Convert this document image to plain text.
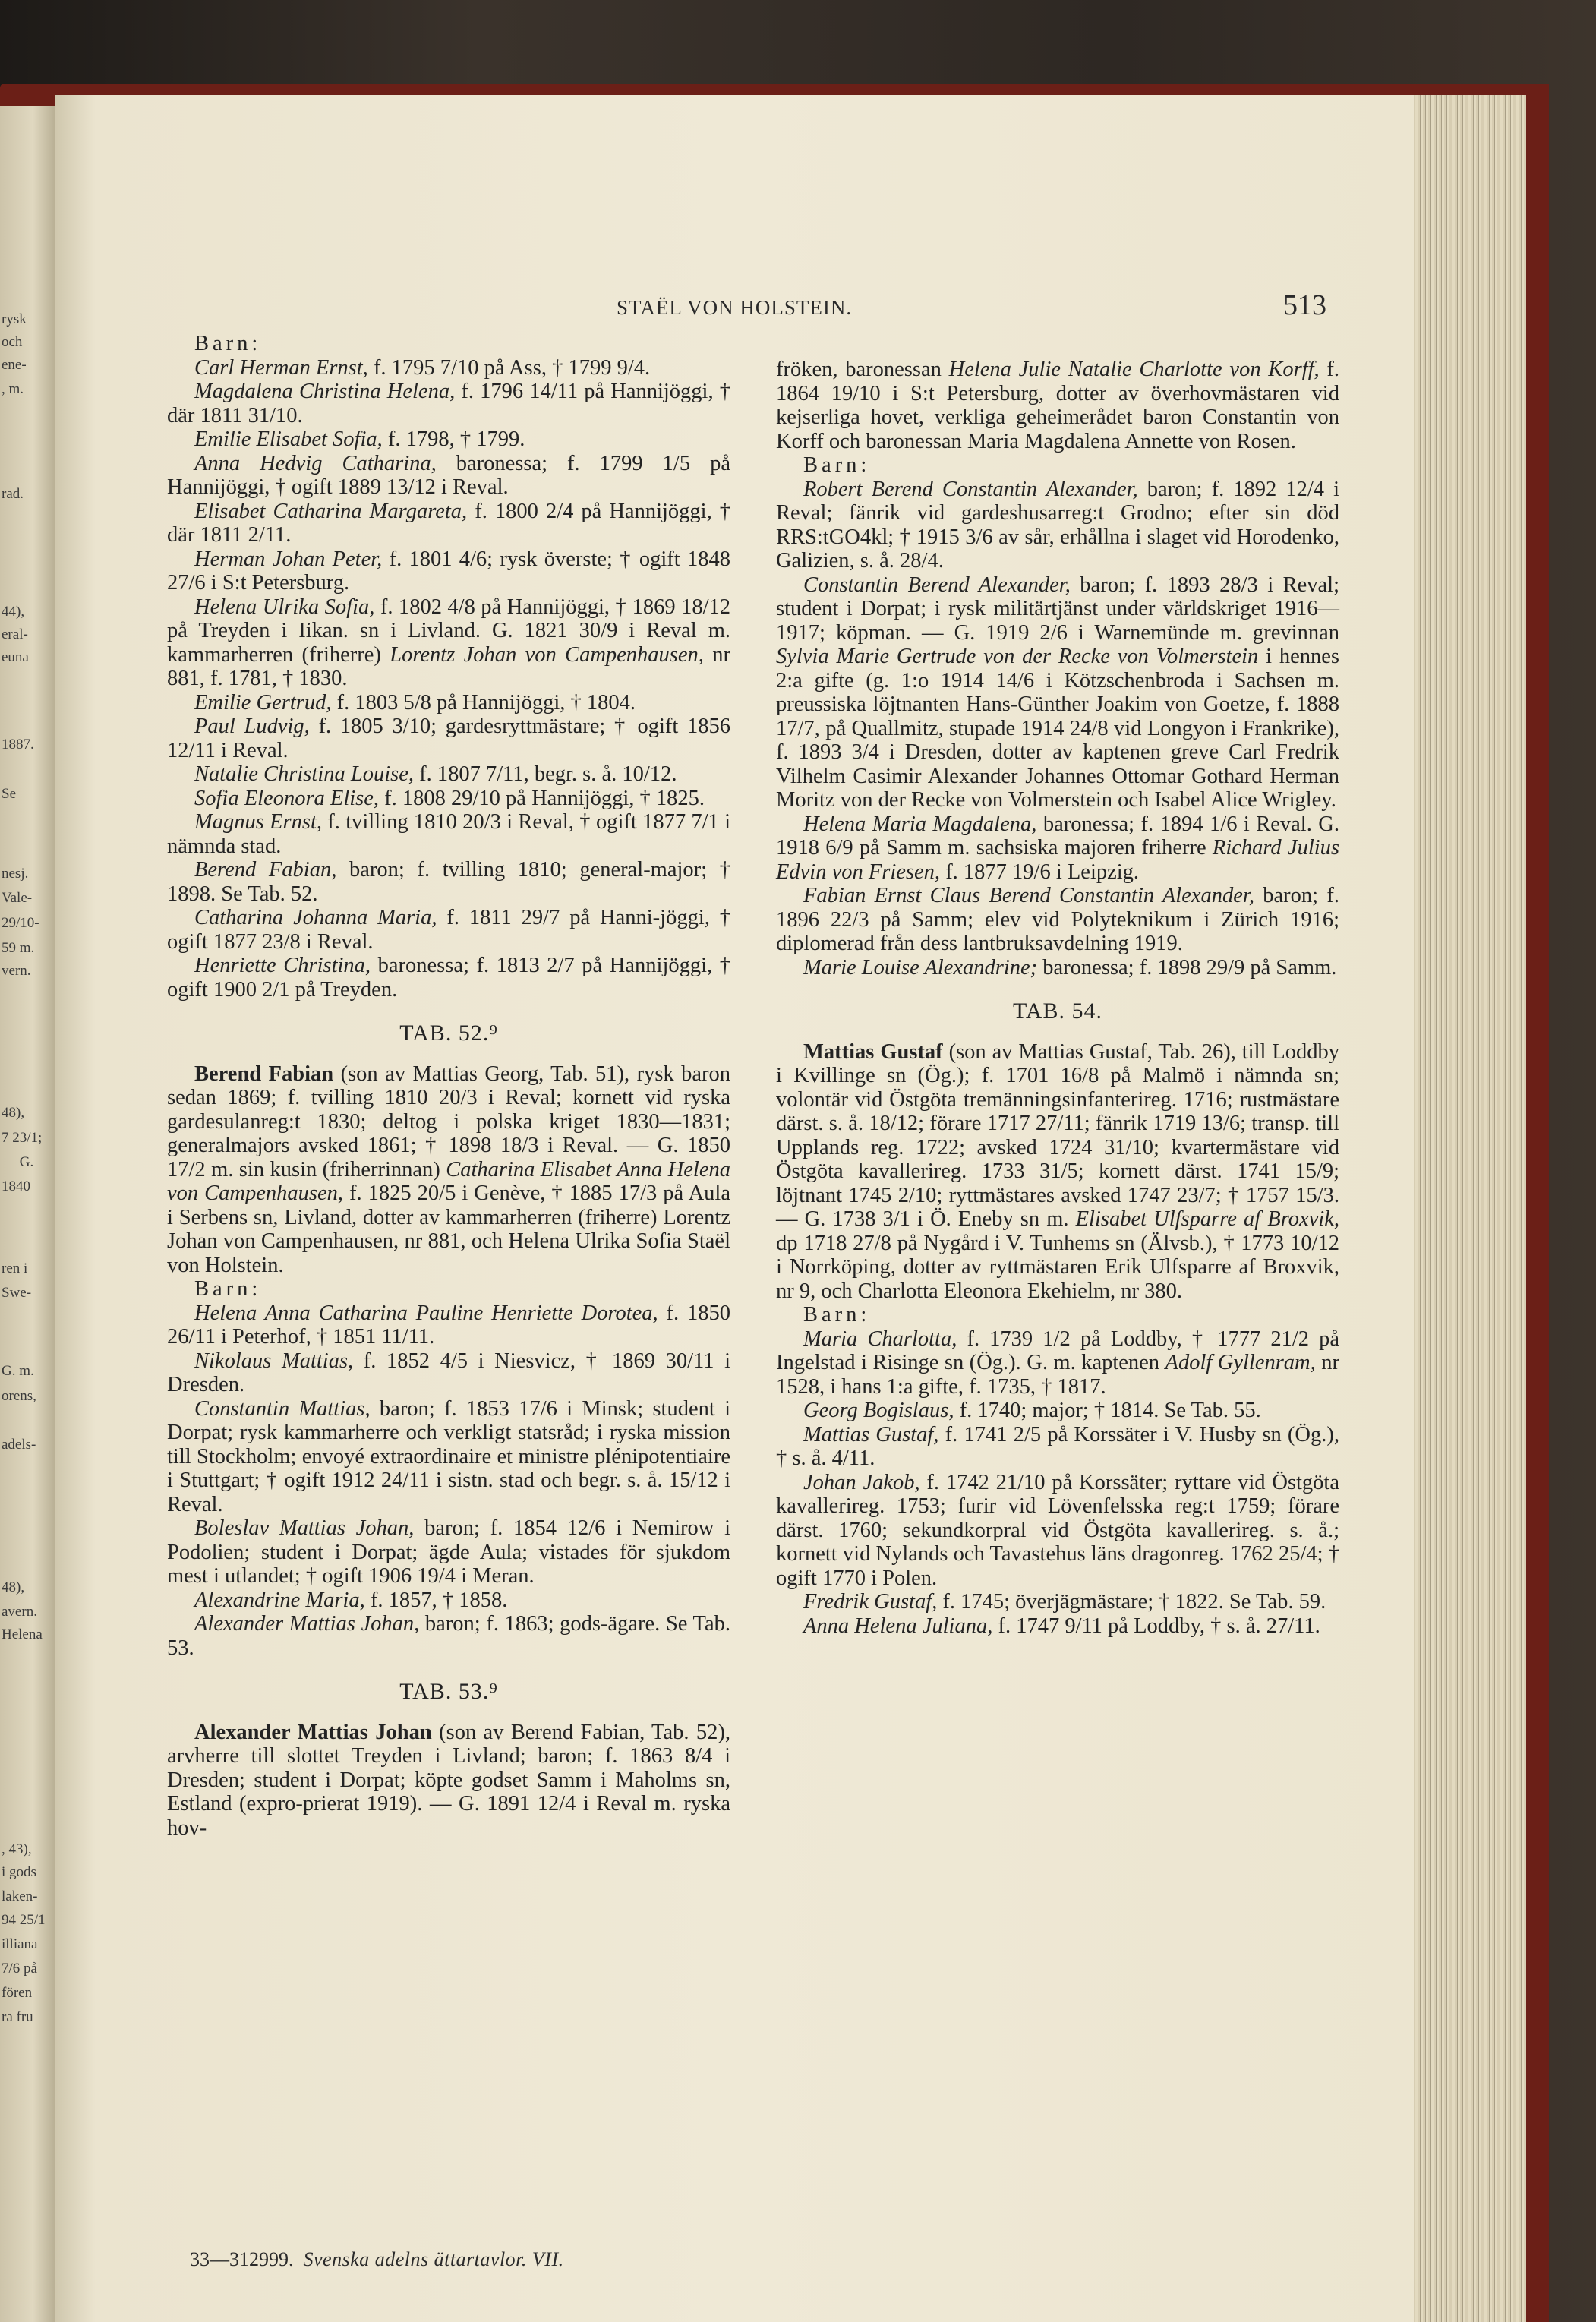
rysk
och
ene-
, m.
rad.
44),
eral-
euna
1887.
Se
nesj.
Vale-
29/10-
59 m.
vern.
48),
7 23/1;
— G.
1840
ren i
Swe-
G. m.
orens,
adels-
48),
avern.
Helena
, 43),
i gods
laken-
94 25/1
illiana
7/6 på
fören
ra fru
STAËL VON HOLSTEIN.	513

Barn:

Carl Herman Ernst, f. 1795 7/10 på Ass, † 1799 9/4.

Magdalena Christina Helena, f. 1796 14/11 på Hannijöggi, † där 1811 31/10.

Emilie Elisabet Sofia, f. 1798, † 1799.

Anna Hedvig Catharina, baronessa; f. 1799 1/5 på Hannijöggi, † ogift 1889 13/12 i Reval.

Elisabet Catharina Margareta, f. 1800 2/4 på Hannijöggi, † där 1811 2/11.

Herman Johan Peter, f. 1801 4/6; rysk överste; † ogift 1848 27/6 i S:t Petersburg.

Helena Ulrika Sofia, f. 1802 4/8 på Hannijöggi, † 1869 18/12 på Treyden i Iikan. sn i Livland. G. 1821 30/9 i Reval m. kammarherren (friherre) Lorentz Johan von Campenhausen, nr 881, f. 1781, † 1830.

Emilie Gertrud, f. 1803 5/8 på Hannijöggi, † 1804.

Paul Ludvig, f. 1805 3/10; gardesryttmästare; † ogift 1856 12/11 i Reval.

Natalie Christina Louise, f. 1807 7/11, begr. s. å. 10/12.

Sofia Eleonora Elise, f. 1808 29/10 på Hannijöggi, † 1825.

Magnus Ernst, f. tvilling 1810 20/3 i Reval, † ogift 1877 7/1 i nämnda stad.

Berend Fabian, baron; f. tvilling 1810; general-major; † 1898. Se Tab. 52.

Catharina Johanna Maria, f. 1811 29/7 på Hanni-jöggi, † ogift 1877 23/8 i Reval.

Henriette Christina, baronessa; f. 1813 2/7 på Hannijöggi, † ogift 1900 2/1 på Treyden.

TAB. 52.⁹

Berend Fabian (son av Mattias Georg, Tab. 51), rysk baron sedan 1869; f. tvilling 1810 20/3 i Reval; kornett vid ryska gardesulanreg:t 1830; deltog i polska kriget 1830—1831; generalmajors avsked 1861; † 1898 18/3 i Reval. — G. 1850 17/2 m. sin kusin (friherrinnan) Catharina Elisabet Anna Helena von Campenhausen, f. 1825 20/5 i Genève, † 1885 17/3 på Aula i Serbens sn, Livland, dotter av kammarherren (friherre) Lorentz Johan von Campenhausen, nr 881, och Helena Ulrika Sofia Staël von Holstein.

Barn:

Helena Anna Catharina Pauline Henriette Dorotea, f. 1850 26/11 i Peterhof, † 1851 11/11.

Nikolaus Mattias, f. 1852 4/5 i Niesvicz, † 1869 30/11 i Dresden.

Constantin Mattias, baron; f. 1853 17/6 i Minsk; student i Dorpat; rysk kammarherre och verkligt statsråd; i ryska mission till Stockholm; envoyé extraordinaire et ministre plénipotentiaire i Stuttgart; † ogift 1912 24/11 i sistn. stad och begr. s. å. 15/12 i Reval.

Boleslav Mattias Johan, baron; f. 1854 12/6 i Nemirow i Podolien; student i Dorpat; ägde Aula; vistades för sjukdom mest i utlandet; † ogift 1906 19/4 i Meran.

Alexandrine Maria, f. 1857, † 1858.

Alexander Mattias Johan, baron; f. 1863; gods-ägare. Se Tab. 53.

TAB. 53.⁹

Alexander Mattias Johan (son av Berend Fabian, Tab. 52), arvherre till slottet Treyden i Livland; baron; f. 1863 8/4 i Dresden; student i Dorpat; köpte godset Samm i Maholms sn, Estland (expro-prierat 1919). — G. 1891 12/4 i Reval m. ryska hov-

fröken, baronessan Helena Julie Natalie Charlotte von Korff, f. 1864 19/10 i S:t Petersburg, dotter av överhovmästaren vid kejserliga hovet, verkliga geheimerådet baron Constantin von Korff och baronessan Maria Magdalena Annette von Rosen.

Barn:

Robert Berend Constantin Alexander, baron; f. 1892 12/4 i Reval; fänrik vid gardeshusarreg:t Grodno; efter sin död RRS:tGO4kl; † 1915 3/6 av sår, erhållna i slaget vid Horodenko, Galizien, s. å. 28/4.

Constantin Berend Alexander, baron; f. 1893 28/3 i Reval; student i Dorpat; i rysk militärtjänst under världskriget 1916—1917; köpman. — G. 1919 2/6 i Warnemünde m. grevinnan Sylvia Marie Gertrude von der Recke von Volmerstein i hennes 2:a gifte (g. 1:o 1914 14/6 i Kötzschenbroda i Sachsen m. preussiska löjtnanten Hans-Günther Joakim von Goetze, f. 1888 17/7, på Quallmitz, stupade 1914 24/8 vid Longyon i Frankrike), f. 1893 3/4 i Dresden, dotter av kaptenen greve Carl Fredrik Vilhelm Casimir Alexander Johannes Ottomar Gothard Herman Moritz von der Recke von Volmerstein och Isabel Alice Wrigley.

Helena Maria Magdalena, baronessa; f. 1894 1/6 i Reval. G. 1918 6/9 på Samm m. sachsiska majoren friherre Richard Julius Edvin von Friesen, f. 1877 19/6 i Leipzig.

Fabian Ernst Claus Berend Constantin Alexander, baron; f. 1896 22/3 på Samm; elev vid Polyteknikum i Zürich 1916; diplomerad från dess lantbruksavdelning 1919.

Marie Louise Alexandrine; baronessa; f. 1898 29/9 på Samm.

TAB. 54.

Mattias Gustaf (son av Mattias Gustaf, Tab. 26), till Loddby i Kvillinge sn (Ög.); f. 1701 16/8 på Malmö i nämnda sn; volontär vid Östgöta tremänningsinfanterireg. 1716; rustmästare därst. s. å. 18/12; förare 1717 27/11; fänrik 1719 13/6; transp. till Upplands reg. 1722; avsked 1724 31/10; kvartermästare vid Östgöta kavallerireg. 1733 31/5; kornett därst. 1741 15/9; löjtnant 1745 2/10; ryttmästares avsked 1747 23/7; † 1757 15/3. — G. 1738 3/1 i Ö. Eneby sn m. Elisabet Ulfsparre af Broxvik, dp 1718 27/8 på Nygård i V. Tunhems sn (Älvsb.), † 1773 10/12 i Norrköping, dotter av ryttmästaren Erik Ulfsparre af Broxvik, nr 9, och Charlotta Eleonora Ekehielm, nr 380.

Barn:

Maria Charlotta, f. 1739 1/2 på Loddby, † 1777 21/2 på Ingelstad i Risinge sn (Ög.). G. m. kaptenen Adolf Gyllenram, nr 1528, i hans 1:a gifte, f. 1735, † 1817.

Georg Bogislaus, f. 1740; major; † 1814. Se Tab. 55.

Mattias Gustaf, f. 1741 2/5 på Korssäter i V. Husby sn (Ög.), † s. å. 4/11.

Johan Jakob, f. 1742 21/10 på Korssäter; ryttare vid Östgöta kavallerireg. 1753; furir vid Lövenfelsska reg:t 1759; förare därst. 1760; sekundkorpral vid Östgöta kavallerireg. s. å.; kornett vid Nylands och Tavastehus läns dragonreg. 1762 25/4; † ogift 1770 i Polen.

Fredrik Gustaf, f. 1745; överjägmästare; † 1822. Se Tab. 59.

Anna Helena Juliana, f. 1747 9/11 på Loddby, † s. å. 27/11.

33—312999. Svenska adelns ättartavlor. VII.
